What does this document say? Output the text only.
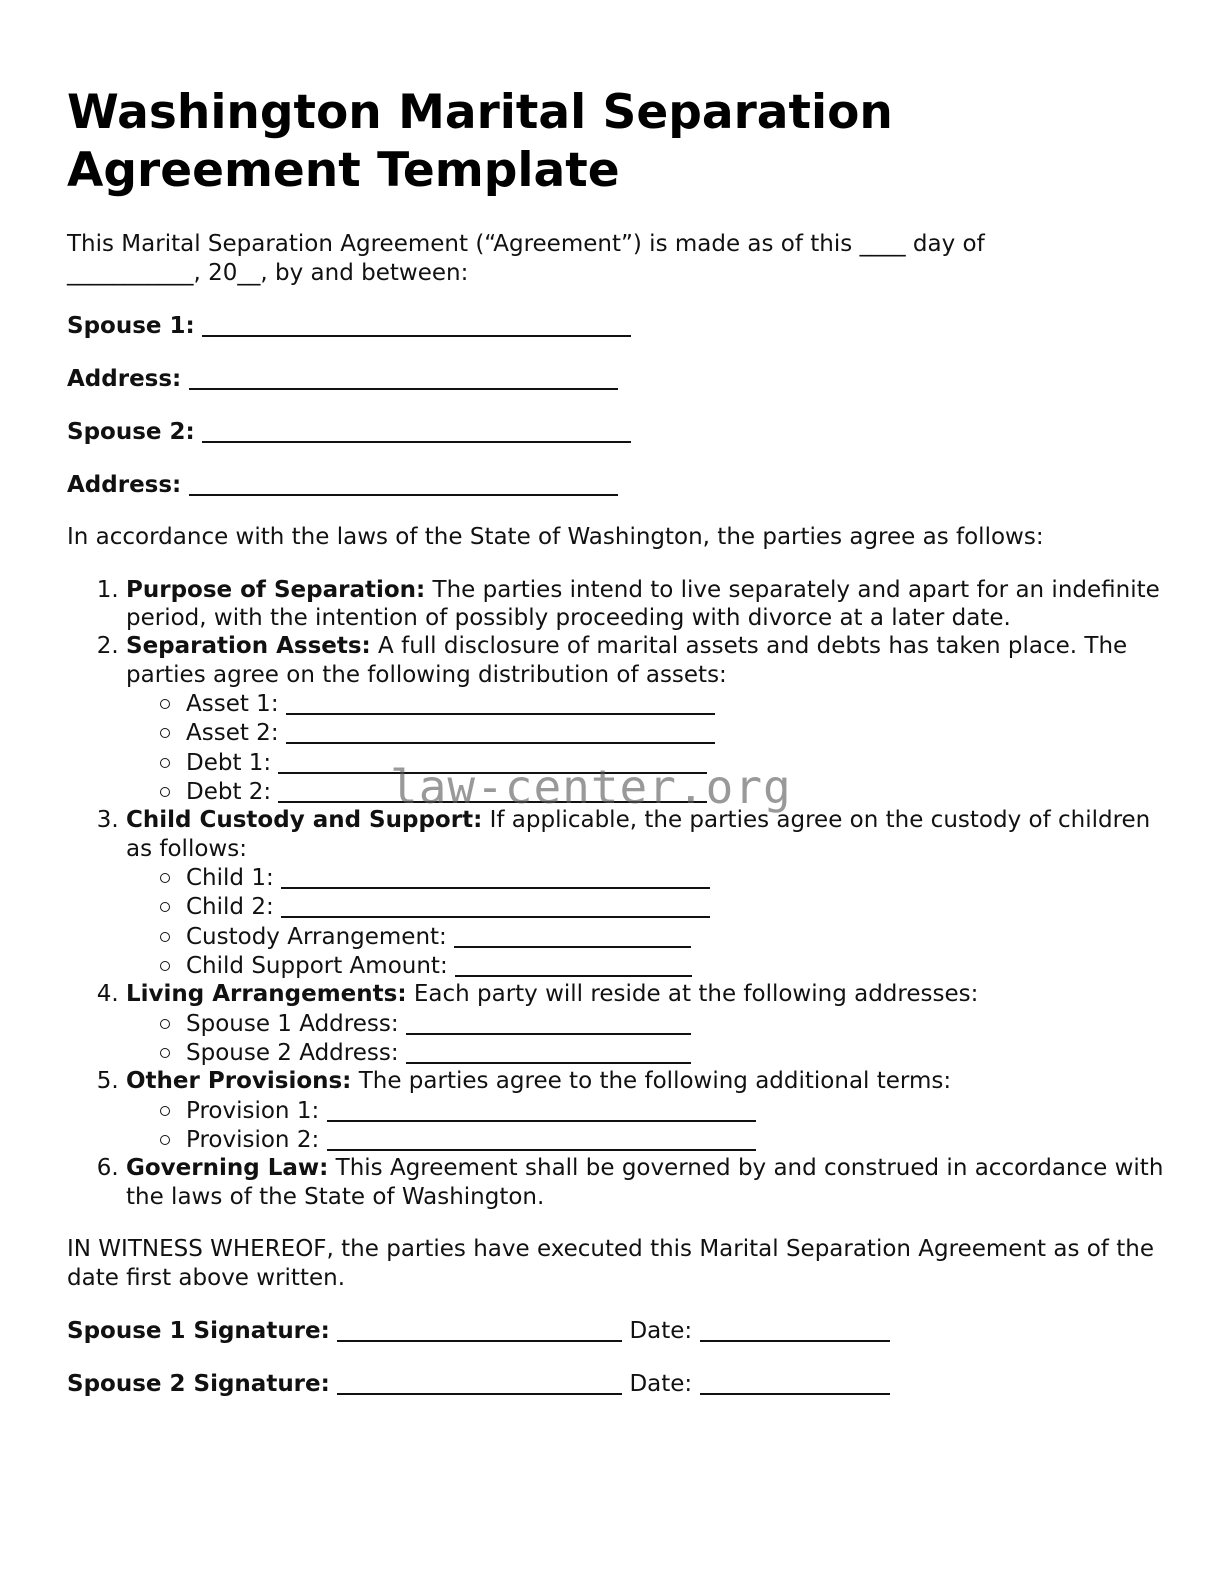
Washington Marital Separation Agreement Template

This Marital Separation Agreement (“Agreement”) is made as of this ____ day of

___________, 20__, by and between:

Spouse 1:

Address:

Spouse 2:

Address:

In accordance with the laws of the State of Washington, the parties agree as follows:

1. Purpose of Separation: The parties intend to live separately and apart for an indefinite period, with the intention of possibly proceeding with divorce at a later date.
2. Separation Assets: A full disclosure of marital assets and debts has taken place. The parties agree on the following distribution of assets:
Asset 1:
Asset 2:
Debt 1:
Debt 2:
3. Child Custody and Support: If applicable, the parties agree on the custody of children as follows:
Child 1:
Child 2:
Custody Arrangement:
Child Support Amount:
4. Living Arrangements: Each party will reside at the following addresses:
Spouse 1 Address:
Spouse 2 Address:
5. Other Provisions: The parties agree to the following additional terms:
Provision 1:
Provision 2:
6. Governing Law: This Agreement shall be governed by and construed in accordance with the laws of the State of Washington.

IN WITNESS WHEREOF, the parties have executed this Marital Separation Agreement as of the date first above written.

Spouse 1 Signature:	Date:

Spouse 2 Signature:	Date:

law-center.org
